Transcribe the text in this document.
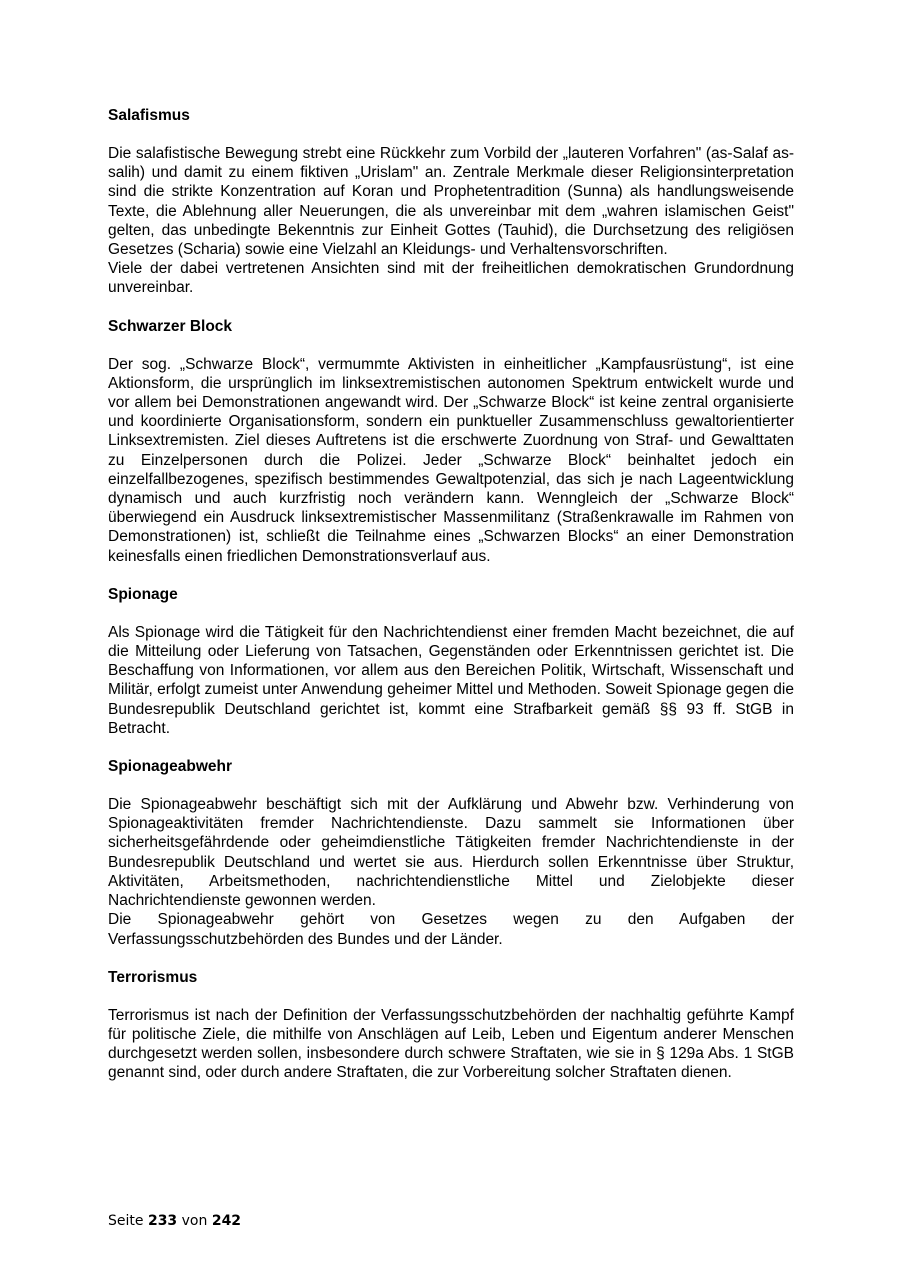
Salafismus

Die salafistische Bewegung strebt eine Rückkehr zum Vorbild der „lauteren Vorfahren" (as-Salaf as-salih) und damit zu einem fiktiven „Urislam" an. Zentrale Merkmale dieser Religionsinterpretation sind die strikte Konzentration auf Koran und Prophetentradition (Sunna) als handlungsweisende Texte, die Ablehnung aller Neuerungen, die als unvereinbar mit dem „wahren islamischen Geist" gelten, das unbedingte Bekenntnis zur Einheit Gottes (Tauhid), die Durchsetzung des religiösen Gesetzes (Scharia) sowie eine Vielzahl an Kleidungs- und Verhaltensvorschriften.

Viele der dabei vertretenen Ansichten sind mit der freiheitlichen demokratischen Grundordnung unvereinbar.

Schwarzer Block

Der sog. „Schwarze Block“, vermummte Aktivisten in einheitlicher „Kampfausrüstung“, ist eine Aktionsform, die ursprünglich im linksextremistischen autonomen Spektrum entwickelt wurde und vor allem bei Demonstrationen angewandt wird. Der „Schwarze Block“ ist keine zentral organisierte und koordinierte Organisationsform, sondern ein punktueller Zusammenschluss gewaltorientierter Linksextremisten. Ziel dieses Auftretens ist die erschwerte Zuordnung von Straf- und Gewalttaten zu Einzelpersonen durch die Polizei. Jeder „Schwarze Block“ beinhaltet jedoch ein einzelfallbezogenes, spezifisch bestimmendes Gewaltpotenzial, das sich je nach Lageentwicklung dynamisch und auch kurzfristig noch verändern kann. Wenngleich der „Schwarze Block“ überwiegend ein Ausdruck linksextremistischer Massenmilitanz (Straßenkrawalle im Rahmen von Demonstrationen) ist, schließt die Teilnahme eines „Schwarzen Blocks“ an einer Demonstration keinesfalls einen friedlichen Demonstrationsverlauf aus.

Spionage

Als Spionage wird die Tätigkeit für den Nachrichtendienst einer fremden Macht bezeichnet, die auf die Mitteilung oder Lieferung von Tatsachen, Gegenständen oder Erkenntnissen gerichtet ist. Die Beschaffung von Informationen, vor allem aus den Bereichen Politik, Wirtschaft, Wissenschaft und Militär, erfolgt zumeist unter Anwendung geheimer Mittel und Methoden. Soweit Spionage gegen die Bundesrepublik Deutschland gerichtet ist, kommt eine Strafbarkeit gemäß §§ 93 ff. StGB in Betracht.

Spionageabwehr

Die Spionageabwehr beschäftigt sich mit der Aufklärung und Abwehr bzw. Verhinderung von Spionageaktivitäten fremder Nachrichtendienste. Dazu sammelt sie Informationen über sicherheitsgefährdende oder geheimdienstliche Tätigkeiten fremder Nachrichtendienste in der Bundesrepublik Deutschland und wertet sie aus. Hierdurch sollen Erkenntnisse über Struktur, Aktivitäten, Arbeitsmethoden, nachrichtendienstliche Mittel und Zielobjekte dieser Nachrichtendienste gewonnen werden.

Die Spionageabwehr gehört von Gesetzes wegen zu den Aufgaben der Verfassungsschutzbehörden des Bundes und der Länder.

Terrorismus

Terrorismus ist nach der Definition der Verfassungsschutzbehörden der nachhaltig geführte Kampf für politische Ziele, die mithilfe von Anschlägen auf Leib, Leben und Eigentum anderer Menschen durchgesetzt werden sollen, insbesondere durch schwere Straftaten, wie sie in § 129a Abs. 1 StGB genannt sind, oder durch andere Straftaten, die zur Vorbereitung solcher Straftaten dienen.

Seite 233 von 242
